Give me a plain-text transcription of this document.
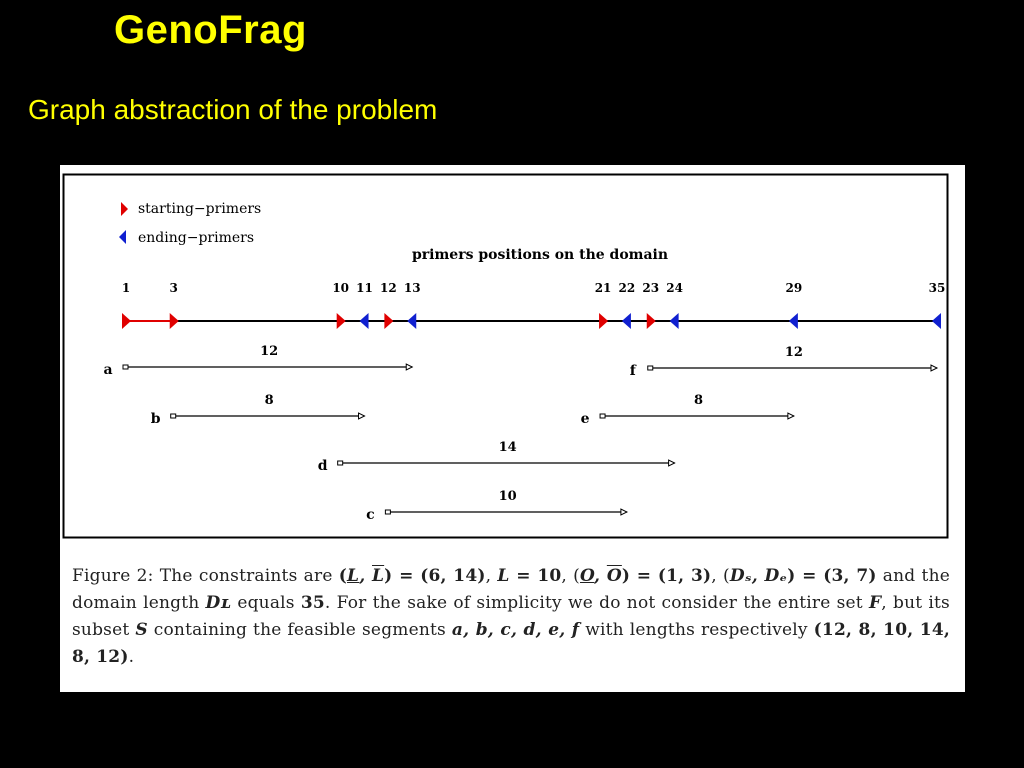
GenoFrag
Graph abstraction of the problem
starting−primers
ending−primers
primers positions on the domain
1	3	10 11 12 13	21 22 23 24	29	35
a
12
f
12
b
8
e
8
d
14
c
10
Figure 2: The constraints are (L, $\overline{L}) = (6$, 14), L = 10, (O, $\overline{O}) = (1$, 3), (Dₛ, Dₑ) = (3, 7) and the domain length Dʟ equals 35. For the sake of simplicity we do not consider the entire set F, but its subset S containing the feasible segments a, b, c, d, e, f with lengths respectively (12, 8, 10, 14, 8, 12).
